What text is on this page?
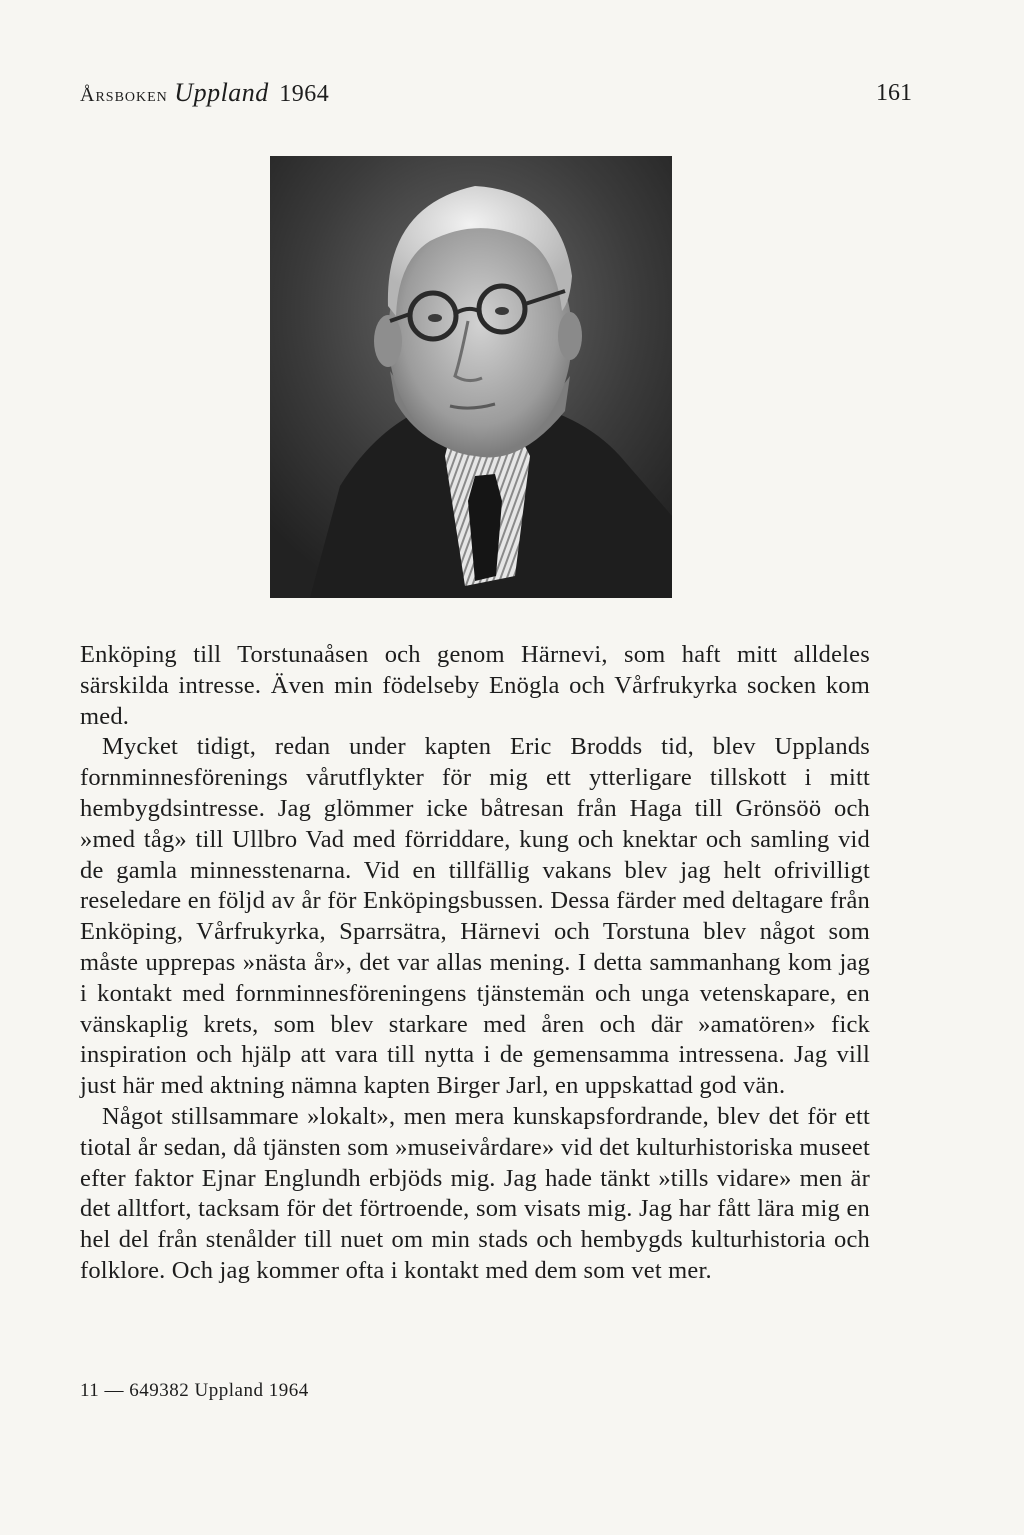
Årsboken Uppland 1964	161

Enköping till Torstunaåsen och genom Härnevi, som haft mitt alldeles särskilda intresse. Även min födelseby Enögla och Vårfrukyrka socken kom med.

Mycket tidigt, redan under kapten Eric Brodds tid, blev Upplands fornminnesförenings vårutflykter för mig ett ytterligare tillskott i mitt hembygdsintresse. Jag glömmer icke båtresan från Haga till Grönsöö och »med tåg» till Ullbro Vad med förriddare, kung och knektar och samling vid de gamla minnesstenarna. Vid en tillfällig vakans blev jag helt ofrivilligt reseledare en följd av år för Enköpingsbussen. Dessa färder med deltagare från Enköping, Vårfrukyrka, Sparrsätra, Härnevi och Torstuna blev något som måste upprepas »nästa år», det var allas mening. I detta sammanhang kom jag i kontakt med fornminnesföreningens tjänstemän och unga vetenskapare, en vänskaplig krets, som blev starkare med åren och där »amatören» fick inspiration och hjälp att vara till nytta i de gemensamma intressena. Jag vill just här med aktning nämna kapten Birger Jarl, en uppskattad god vän.

Något stillsammare »lokalt», men mera kunskapsfordrande, blev det för ett tiotal år sedan, då tjänsten som »museivårdare» vid det kulturhistoriska museet efter faktor Ejnar Englundh erbjöds mig. Jag hade tänkt »tills vidare» men är det alltfort, tacksam för det förtroende, som visats mig. Jag har fått lära mig en hel del från stenålder till nuet om min stads och hembygds kulturhistoria och folklore. Och jag kommer ofta i kontakt med dem som vet mer.

11 — 649382 Uppland 1964
